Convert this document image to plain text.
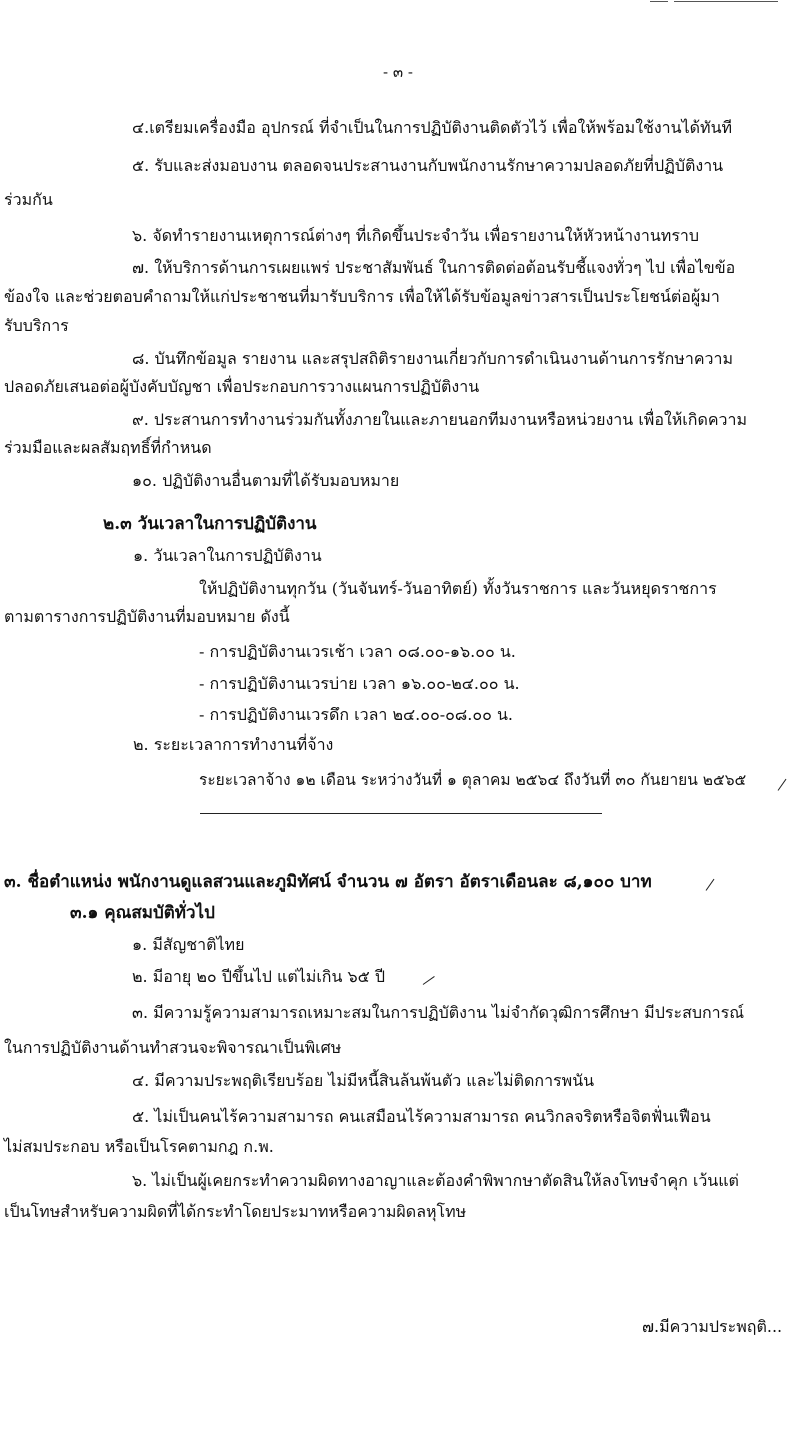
- ๓ -
๔.เตรียมเครื่องมือ อุปกรณ์ ที่จำเป็นในการปฏิบัติงานติดตัวไว้ เพื่อให้พร้อมใช้งานได้ทันที
๕. รับและส่งมอบงาน ตลอดจนประสานงานกับพนักงานรักษาความปลอดภัยที่ปฏิบัติงาน
ร่วมกัน
๖. จัดทำรายงานเหตุการณ์ต่างๆ ที่เกิดขึ้นประจำวัน เพื่อรายงานให้หัวหน้างานทราบ
๗. ให้บริการด้านการเผยแพร่ ประชาสัมพันธ์ ในการติดต่อต้อนรับชี้แจงทั่วๆ ไป เพื่อไขข้อ
ข้องใจ และช่วยตอบคำถามให้แก่ประชาชนที่มารับบริการ เพื่อให้ได้รับข้อมูลข่าวสารเป็นประโยชน์ต่อผู้มา
รับบริการ
๘. บันทึกข้อมูล รายงาน และสรุปสถิติรายงานเกี่ยวกับการดำเนินงานด้านการรักษาความ
ปลอดภัยเสนอต่อผู้บังคับบัญชา เพื่อประกอบการวางแผนการปฏิบัติงาน
๙. ประสานการทำงานร่วมกันทั้งภายในและภายนอกทีมงานหรือหน่วยงาน เพื่อให้เกิดความ
ร่วมมือและผลสัมฤทธิ์ที่กำหนด
๑๐. ปฏิบัติงานอื่นตามที่ได้รับมอบหมาย
๒.๓ วันเวลาในการปฏิบัติงาน
๑. วันเวลาในการปฏิบัติงาน
ให้ปฏิบัติงานทุกวัน (วันจันทร์-วันอาทิตย์) ทั้งวันราชการ และวันหยุดราชการ
ตามตารางการปฏิบัติงานที่มอบหมาย ดังนี้
- การปฏิบัติงานเวรเช้า เวลา ๐๘.๐๐-๑๖.๐๐ น.
- การปฏิบัติงานเวรบ่าย เวลา ๑๖.๐๐-๒๔.๐๐ น.
- การปฏิบัติงานเวรดึก เวลา ๒๔.๐๐-๐๘.๐๐ น.
๒. ระยะเวลาการทำงานที่จ้าง
ระยะเวลาจ้าง ๑๒ เดือน ระหว่างวันที่ ๑ ตุลาคม ๒๕๖๔ ถึงวันที่ ๓๐ กันยายน ๒๕๖๕
๓. ชื่อตำแหน่ง พนักงานดูแลสวนและภูมิทัศน์ จำนวน ๗ อัตรา อัตราเดือนละ ๘,๑๐๐ บาท
๓.๑ คุณสมบัติทั่วไป
๑. มีสัญชาติไทย
๒. มีอายุ ๒๐ ปีขึ้นไป แต่ไม่เกิน ๖๕ ปี
๓. มีความรู้ความสามารถเหมาะสมในการปฏิบัติงาน ไม่จำกัดวุฒิการศึกษา มีประสบการณ์
ในการปฏิบัติงานด้านทำสวนจะพิจารณาเป็นพิเศษ
๔. มีความประพฤติเรียบร้อย ไม่มีหนี้สินล้นพ้นตัว และไม่ติดการพนัน
๕. ไม่เป็นคนไร้ความสามารถ คนเสมือนไร้ความสามารถ คนวิกลจริตหรือจิตฟั่นเฟือน
ไม่สมประกอบ หรือเป็นโรคตามกฎ ก.พ.
๖. ไม่เป็นผู้เคยกระทำความผิดทางอาญาและต้องคำพิพากษาตัดสินให้ลงโทษจำคุก เว้นแต่
เป็นโทษสำหรับความผิดที่ได้กระทำโดยประมาทหรือความผิดลหุโทษ
๗.มีความประพฤติ...
